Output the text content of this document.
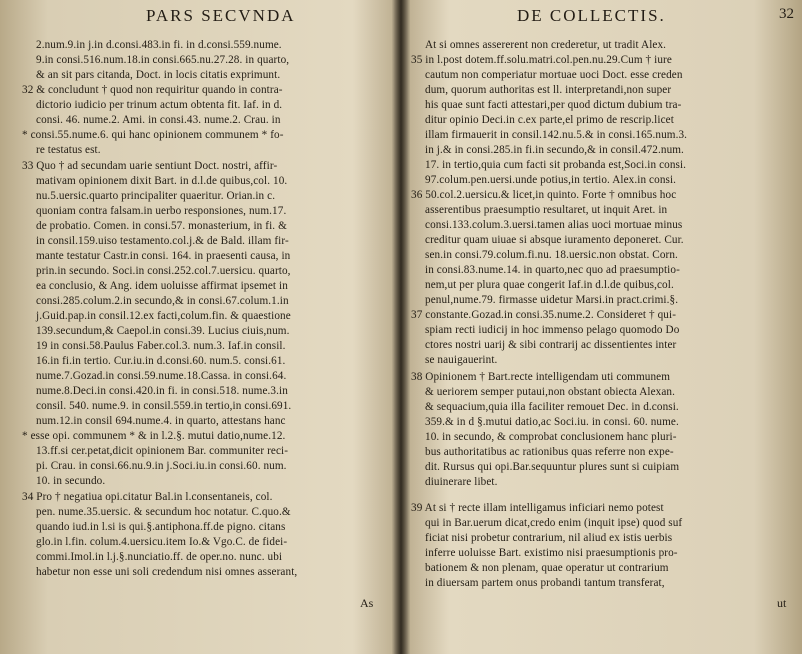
PARS SECVNDA
2.num.9.in j.in d.consi.483.in fi. in d.consi.559.nume.
9.in consi.516.num.18.in consi.665.nu.27.28. in quarto,
& an sit pars citanda, Doct. in locis citatis exprimunt.
32 & concludunt † quod non requiritur quando in contra-
dictorio iudicio per trinum actum obtenta fit. Iaf. in d.
consi. 46. nume.2. Ami. in consi.43. nume.2. Crau. in
* consi.55.nume.6. qui hanc opinionem communem * fo-
re testatus est.
33 Quo † ad secundam uarie sentiunt Doct. nostri, affir-
mativam opinionem dixit Bart. in d.l.de quibus,col. 10.
nu.5.uersic.quarto principaliter quaeritur. Orian.in c.
quoniam contra falsam.in uerbo responsiones, num.17.
de probatio. Comen. in consi.57. monasterium, in fi. &
in consil.159.uiso testamento.col.j.& de Bald. illam fir-
mante testatur Castr.in consi. 164. in praesenti causa, in
prin.in secundo. Soci.in consi.252.col.7.uersicu. quarto,
ea conclusio, & Ang. idem uoluisse affirmat ipsemet in
consi.285.colum.2.in secundo,& in consi.67.colum.1.in
j.Guid.pap.in consil.12.ex facti,colum.fin. & quaestione
139.secundum,& Caepol.in consi.39. Lucius ciuis,num.
19 in consi.58.Paulus Faber.col.3. num.3. Iaf.in consil.
16.in fi.in tertio. Cur.iu.in d.consi.60. num.5. consi.61.
nume.7.Gozad.in consi.59.nume.18.Cassa. in consi.64.
nume.8.Deci.in consi.420.in fi. in consi.518. nume.3.in
consil. 540. nume.9. in consil.559.in tertio,in consi.691.
num.12.in consil 694.nume.4. in quarto, attestans hanc
* esse opi. communem * & in l.2.§. mutui datio,nume.12.
13.ff.si cer.petat,dicit opinionem Bar. communiter reci-
pi. Crau. in consi.66.nu.9.in j.Soci.iu.in consi.60. num.
10. in secundo.
34 Pro † negatiua opi.citatur Bal.in l.consentaneis, col.
pen. nume.35.uersic. & secundum hoc notatur. C.quo.&
quando iud.in l.si is qui.§.antiphona.ff.de pigno. citans
glo.in l.fin. colum.4.uersicu.item Io.& Vgo.C. de fidei-
commi.Imol.in l.j.§.nunciatio.ff. de oper.no. nunc. ubi
habetur non esse uni soli credendum nisi omnes asserant,
As
DE COLLECTIS.	32
At si omnes assererent non crederetur, ut tradit Alex.
35 in l.post dotem.ff.solu.matri.col.pen.nu.29.Cum † iure
cautum non comperiatur mortuae uoci Doct. esse creden
dum, quorum authoritas est ll. interpretandi,non super
his quae sunt facti attestari,per quod dictum dubium tra-
ditur opinio Deci.in c.ex parte,el primo de rescrip.licet
illam firmauerit in consil.142.nu.5.& in consi.165.num.3.
in j.& in consi.285.in fi.in secundo,& in consil.472.num.
17. in tertio,quia cum facti sit probanda est,Soci.in consi.
97.colum.pen.uersi.unde potius,in tertio. Alex.in consi.
36 50.col.2.uersicu.& licet,in quinto. Forte † omnibus hoc
asserentibus praesumptio resultaret, ut inquit Aret. in
consi.133.colum.3.uersi.tamen alias uoci mortuae minus
creditur quam uiuae si absque iuramento deponeret. Cur.
sen.in consi.79.colum.fi.nu. 18.uersic.non obstat. Corn.
in consi.83.nume.14. in quarto,nec quo ad praesumptio-
nem,ut per plura quae congerit Iaf.in d.l.de quibus,col.
penul,nume.79. firmasse uidetur Marsi.in pract.crimi.§.
37 constante.Gozad.in consi.35.nume.2. Consideret † qui-
spiam recti iudicij in hoc immenso pelago quomodo Do
ctores nostri uarij & sibi contrarij ac dissentientes inter
se nauigauerint.
38 Opinionem † Bart.recte intelligendam uti communem
& ueriorem semper putaui,non obstant obiecta Alexan.
& sequacium,quia illa faciliter remouet Dec. in d.consi.
359.& in d §.mutui datio,ac Soci.iu. in consi. 60. nume.
10. in secundo, & comprobat conclusionem hanc pluri-
bus authoritatibus ac rationibus quas referre non expe-
dit. Rursus qui opi.Bar.sequuntur plures sunt si cuipiam
diuinerare libet.
39 At si † recte illam intelligamus inficiari nemo potest
qui in Bar.uerum dicat,credo enim (inquit ipse) quod suf
ficiat nisi probetur contrarium, nil aliud ex istis uerbis
inferre uoluisse Bart. existimo nisi praesumptionis pro-
bationem & non plenam, quae operatur ut contrarium
in diuersam partem onus probandi tantum transferat,
ut
